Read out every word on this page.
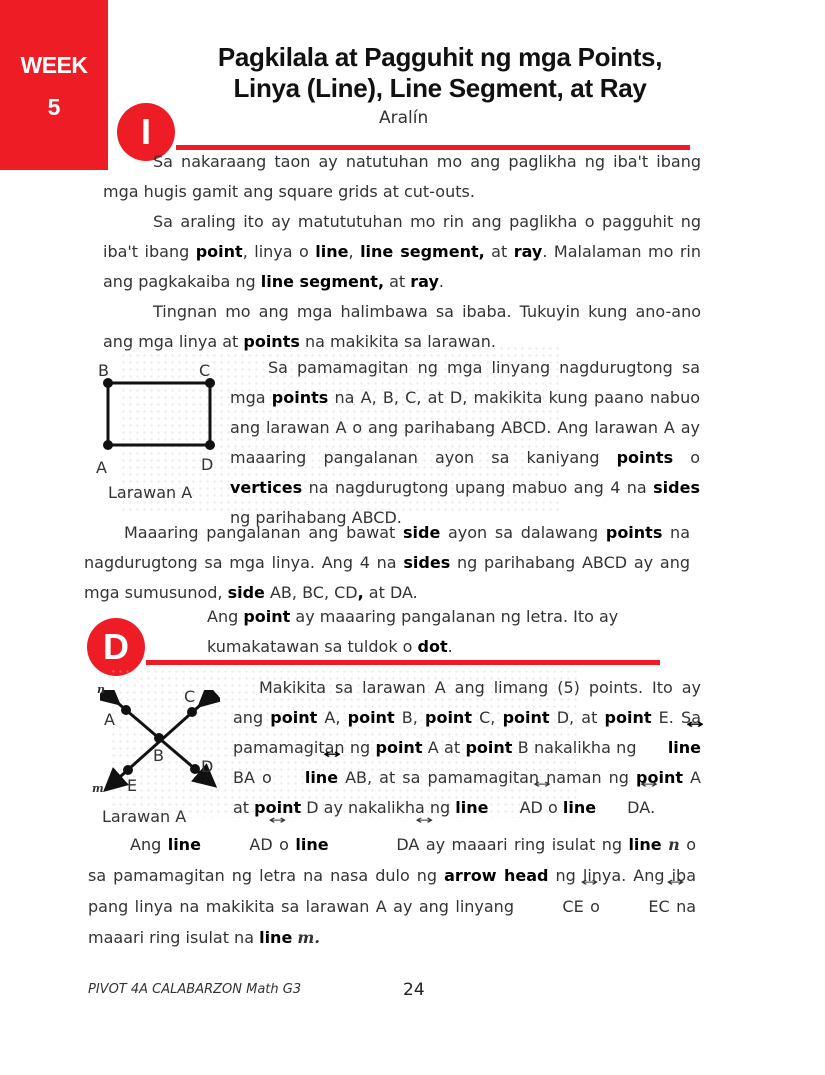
WEEK
5
Pagkilala at Pagguhit ng mga Points,
Linya (Line), Line Segment, at Ray
Aralín
I

Sa nakaraang taon ay natutuhan mo ang paglikha ng iba't ibang mga hugis gamit ang square grids at cut-outs.

Sa araling ito ay matututuhan mo rin ang paglikha o pagguhit ng iba't ibang point, linya o line, line segment, at ray. Malalaman mo rin ang pagkakaiba ng line segment, at ray.

Tingnan mo ang mga halimbawa sa ibaba. Tukuyin kung ano-ano ang mga linya at points na makikita sa larawan.

B	C
A	D
Larawan A

Sa pamamagitan ng mga linyang nagdurugtong sa mga points na A, B, C, at D, makikita kung paano nabuo ang larawan A o ang parihabang ABCD. Ang larawan A ay maaaring pangalanan ayon sa kaniyang points o vertices na nagdurugtong upang mabuo ang 4 na sides ng parihabang ABCD.

Maaaring pangalanan ang bawat side ayon sa dalawang points na nagdurugtong sa mga linya. Ang 4 na sides ng parihabang ABCD ay ang mga sumusunod, side AB, BC, CD, at DA.

Ang point ay maaaring pangalanan ng letra. Ito ay kumakatawan sa tuldok o dot.

D
n	C
A
B
D
m E
Larawan A

Makikita sa larawan A ang limang (5) points. Ito ay ang point A, point B, point C, point D, at point E. Sa pamamagitan ng point A at point B nakalikha ng ↔ line BA o ↔ line AB, at sa pamamagitan naman ng point A at point D ay nakalikha ng line ↔ AD o line ↔ DA.

Ang line	↔ AD o line	↔ DA ay maaari ring isulat ng line n o sa pamamagitan ng letra na nasa dulo ng arrow head ng linya. Ang iba pang linya na makikita sa larawan A ay ang linyang	↔ CE o	↔ EC na maaari ring isulat na line m.

PIVOT 4A CALABARZON Math G3	24
